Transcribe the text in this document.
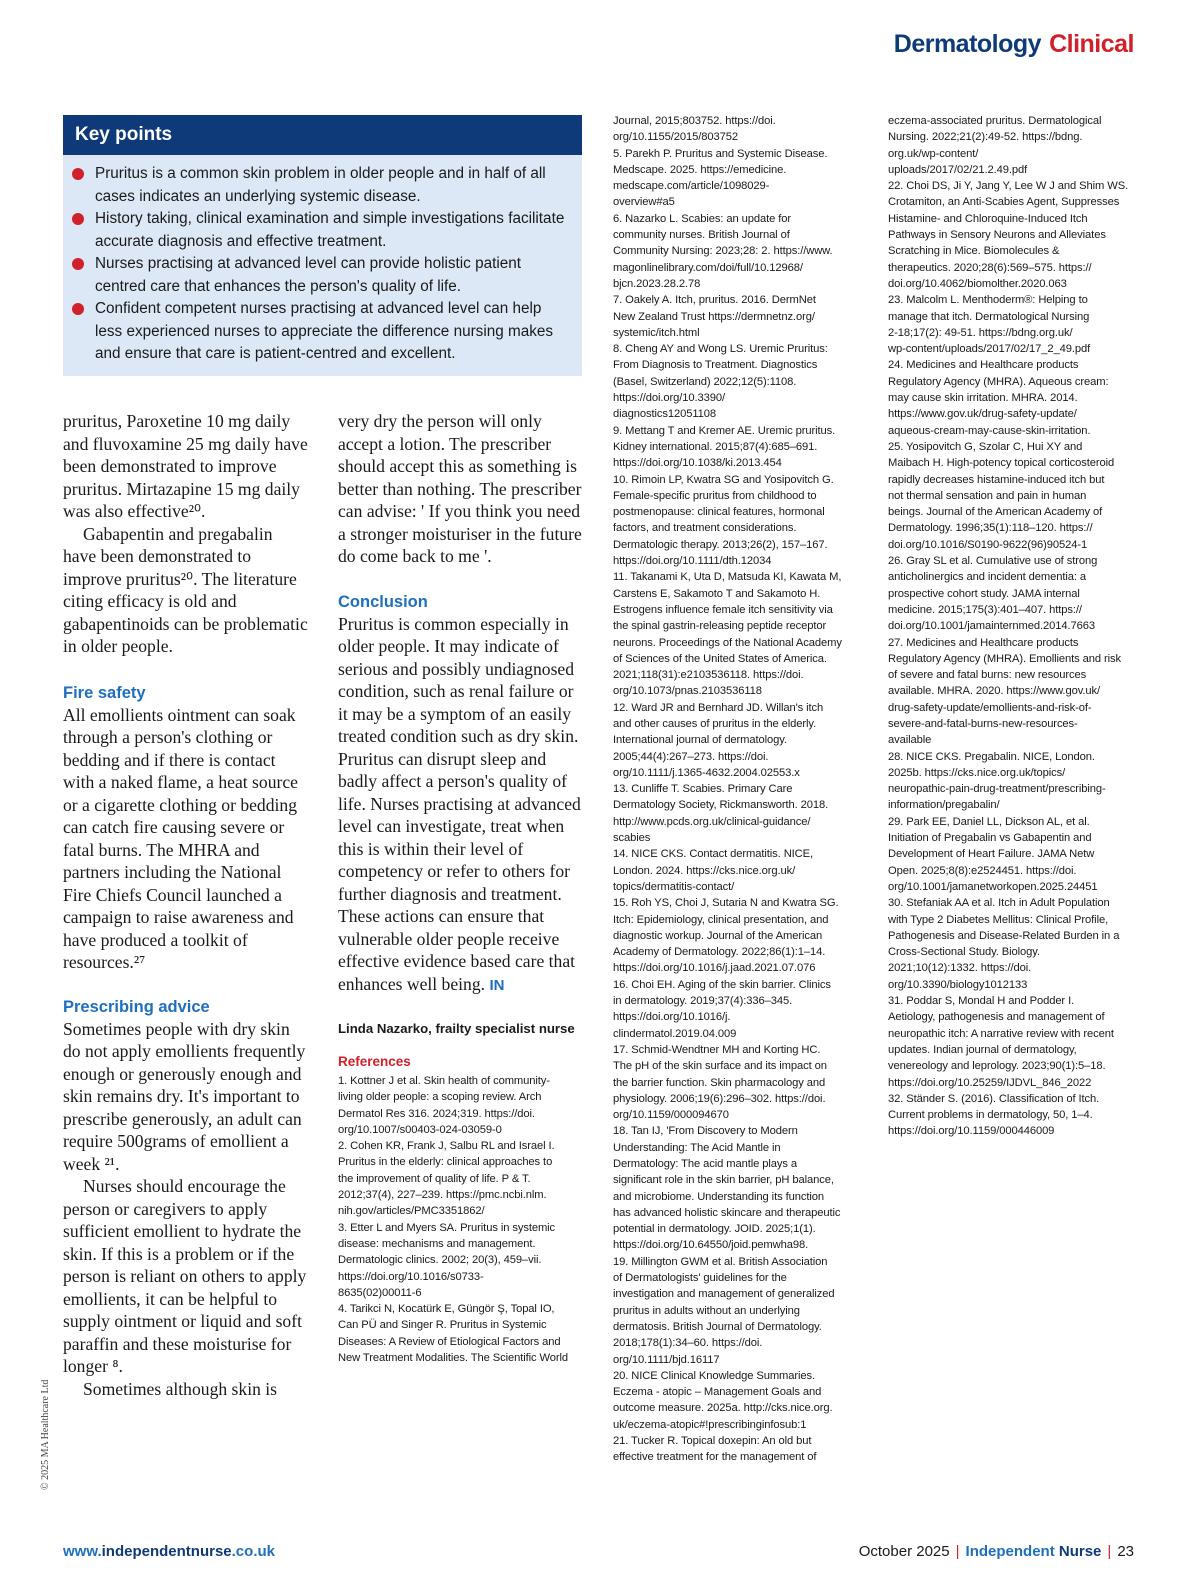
Dermatology Clinical
Key points
Pruritus is a common skin problem in older people and in half of all cases indicates an underlying systemic disease.
History taking, clinical examination and simple investigations facilitate accurate diagnosis and effective treatment.
Nurses practising at advanced level can provide holistic patient centred care that enhances the person's quality of life.
Confident competent nurses practising at advanced level can help less experienced nurses to appreciate the difference nursing makes and ensure that care is patient-centred and excellent.

pruritus, Paroxetine 10 mg daily and fluvoxamine 25 mg daily have been demonstrated to improve pruritus. Mirtazapine 15 mg daily was also effective²⁰.

Gabapentin and pregabalin have been demonstrated to improve pruritus²⁰. The literature citing efficacy is old and gabapentinoids can be problematic in older people.

Fire safety

All emollients ointment can soak through a person's clothing or bedding and if there is contact with a naked flame, a heat source or a cigarette clothing or bedding can catch fire causing severe or fatal burns. The MHRA and partners including the National Fire Chiefs Council launched a campaign to raise awareness and have produced a toolkit of resources.²⁷

Prescribing advice

Sometimes people with dry skin do not apply emollients frequently enough or generously enough and skin remains dry. It's important to prescribe generously, an adult can require 500grams of emollient a week ²¹.

Nurses should encourage the person or caregivers to apply sufficient emollient to hydrate the skin. If this is a problem or if the person is reliant on others to apply emollients, it can be helpful to supply ointment or liquid and soft paraffin and these moisturise for longer ⁸.

Sometimes although skin is

very dry the person will only accept a lotion. The prescriber should accept this as something is better than nothing. The prescriber can advise: ' If you think you need a stronger moisturiser in the future do come back to me '.

Conclusion

Pruritus is common especially in older people. It may indicate of serious and possibly undiagnosed condition, such as renal failure or it may be a symptom of an easily treated condition such as dry skin. Pruritus can disrupt sleep and badly affect a person's quality of life. Nurses practising at advanced level can investigate, treat when this is within their level of competency or refer to others for further diagnosis and treatment. These actions can ensure that vulnerable older people receive effective evidence based care that enhances well being. IN

Linda Nazarko, frailty specialist nurse
References

1. Kottner J et al. Skin health of community-
living older people: a scoping review. Arch
Dermatol Res 316. 2024;319. https://doi.
org/10.1007/s00403-024-03059-0
2. Cohen KR, Frank J, Salbu RL and Israel I.
Pruritus in the elderly: clinical approaches to
the improvement of quality of life. P & T.
2012;37(4), 227–239. https://pmc.ncbi.nlm.
nih.gov/articles/PMC3351862/
3. Etter L and Myers SA. Pruritus in systemic
disease: mechanisms and management.
Dermatologic clinics. 2002; 20(3), 459–vii.
https://doi.org/10.1016/s0733-
8635(02)00011-6
4. Tarikci N, Kocatürk E, Güngör Ş, Topal IO,
Can PÜ and Singer R. Pruritus in Systemic
Diseases: A Review of Etiological Factors and
New Treatment Modalities. The Scientific World

Journal, 2015;803752. https://doi.
org/10.1155/2015/803752
5. Parekh P. Pruritus and Systemic Disease.
Medscape. 2025. https://emedicine.
medscape.com/article/1098029-
overview#a5
6. Nazarko L. Scabies: an update for
community nurses. British Journal of
Community Nursing: 2023;28: 2. https://www.
magonlinelibrary.com/doi/full/10.12968/
bjcn.2023.28.2.78
7. Oakely A. Itch, pruritus. 2016. DermNet
New Zealand Trust https://dermnetnz.org/
systemic/itch.html
8. Cheng AY and Wong LS. Uremic Pruritus:
From Diagnosis to Treatment. Diagnostics
(Basel, Switzerland) 2022;12(5):1108.
https://doi.org/10.3390/
diagnostics12051108
9. Mettang T and Kremer AE. Uremic pruritus.
Kidney international. 2015;87(4):685–691.
https://doi.org/10.1038/ki.2013.454
10. Rimoin LP, Kwatra SG and Yosipovitch G.
Female-specific pruritus from childhood to
postmenopause: clinical features, hormonal
factors, and treatment considerations.
Dermatologic therapy. 2013;26(2), 157–167.
https://doi.org/10.1111/dth.12034
11. Takanami K, Uta D, Matsuda KI, Kawata M,
Carstens E, Sakamoto T and Sakamoto H.
Estrogens influence female itch sensitivity via
the spinal gastrin-releasing peptide receptor
neurons. Proceedings of the National Academy
of Sciences of the United States of America.
2021;118(31):e2103536118. https://doi.
org/10.1073/pnas.2103536118
12. Ward JR and Bernhard JD. Willan's itch
and other causes of pruritus in the elderly.
International journal of dermatology.
2005;44(4):267–273. https://doi.
org/10.1111/j.1365-4632.2004.02553.x
13. Cunliffe T. Scabies. Primary Care
Dermatology Society, Rickmansworth. 2018.
http://www.pcds.org.uk/clinical-guidance/
scabies
14. NICE CKS. Contact dermatitis. NICE,
London. 2024. https://cks.nice.org.uk/
topics/dermatitis-contact/
15. Roh YS, Choi J, Sutaria N and Kwatra SG.
Itch: Epidemiology, clinical presentation, and
diagnostic workup. Journal of the American
Academy of Dermatology. 2022;86(1):1–14.
https://doi.org/10.1016/j.jaad.2021.07.076
16. Choi EH. Aging of the skin barrier. Clinics
in dermatology. 2019;37(4):336–345.
https://doi.org/10.1016/j.
clindermatol.2019.04.009
17. Schmid-Wendtner MH and Korting HC.
The pH of the skin surface and its impact on
the barrier function. Skin pharmacology and
physiology. 2006;19(6):296–302. https://doi.
org/10.1159/000094670
18. Tan IJ, 'From Discovery to Modern
Understanding: The Acid Mantle in
Dermatology: The acid mantle plays a
significant role in the skin barrier, pH balance,
and microbiome. Understanding its function
has advanced holistic skincare and therapeutic
potential in dermatology. JOID. 2025;1(1).
https://doi.org/10.64550/joid.pemwha98.
19. Millington GWM et al. British Association
of Dermatologists' guidelines for the
investigation and management of generalized
pruritus in adults without an underlying
dermatosis. British Journal of Dermatology.
2018;178(1):34–60. https://doi.
org/10.1111/bjd.16117
20. NICE Clinical Knowledge Summaries.
Eczema - atopic – Management Goals and
outcome measure. 2025a. http://cks.nice.org.
uk/eczema-atopic#!prescribinginfosub:1
21. Tucker R. Topical doxepin: An old but
effective treatment for the management of

eczema-associated pruritus. Dermatological
Nursing. 2022;21(2):49-52. https://bdng.
org.uk/wp-content/
uploads/2017/02/21.2.49.pdf
22. Choi DS, Ji Y, Jang Y, Lee W J and Shim WS.
Crotamiton, an Anti-Scabies Agent, Suppresses
Histamine- and Chloroquine-Induced Itch
Pathways in Sensory Neurons and Alleviates
Scratching in Mice. Biomolecules &
therapeutics. 2020;28(6):569–575. https://
doi.org/10.4062/biomolther.2020.063
23. Malcolm L. Menthoderm®: Helping to
manage that itch. Dermatological Nursing
2-18;17(2): 49-51. https://bdng.org.uk/
wp-content/uploads/2017/02/17_2_49.pdf
24. Medicines and Healthcare products
Regulatory Agency (MHRA). Aqueous cream:
may cause skin irritation. MHRA. 2014.
https://www.gov.uk/drug-safety-update/
aqueous-cream-may-cause-skin-irritation.
25. Yosipovitch G, Szolar C, Hui XY and
Maibach H. High-potency topical corticosteroid
rapidly decreases histamine-induced itch but
not thermal sensation and pain in human
beings. Journal of the American Academy of
Dermatology. 1996;35(1):118–120. https://
doi.org/10.1016/S0190-9622(96)90524-1
26. Gray SL et al. Cumulative use of strong
anticholinergics and incident dementia: a
prospective cohort study. JAMA internal
medicine. 2015;175(3):401–407. https://
doi.org/10.1001/jamainternmed.2014.7663
27. Medicines and Healthcare products
Regulatory Agency (MHRA). Emollients and risk
of severe and fatal burns: new resources
available. MHRA. 2020. https://www.gov.uk/
drug-safety-update/emollients-and-risk-of-
severe-and-fatal-burns-new-resources-
available
28. NICE CKS. Pregabalin. NICE, London.
2025b. https://cks.nice.org.uk/topics/
neuropathic-pain-drug-treatment/prescribing-
information/pregabalin/
29. Park EE, Daniel LL, Dickson AL, et al.
Initiation of Pregabalin vs Gabapentin and
Development of Heart Failure. JAMA Netw
Open. 2025;8(8):e2524451. https://doi.
org/10.1001/jamanetworkopen.2025.24451
30. Stefaniak AA et al. Itch in Adult Population
with Type 2 Diabetes Mellitus: Clinical Profile,
Pathogenesis and Disease-Related Burden in a
Cross-Sectional Study. Biology.
2021;10(12):1332. https://doi.
org/10.3390/biology1012133
31. Poddar S, Mondal H and Podder I.
Aetiology, pathogenesis and management of
neuropathic itch: A narrative review with recent
updates. Indian journal of dermatology,
venereology and leprology. 2023;90(1):5–18.
https://doi.org/10.25259/IJDVL_846_2022
32. Ständer S. (2016). Classification of Itch.
Current problems in dermatology, 50, 1–4.
https://doi.org/10.1159/000446009

© 2025 MA Healthcare Ltd
www.independentnurse.co.uk	October 2025 | Independent Nurse | 23
